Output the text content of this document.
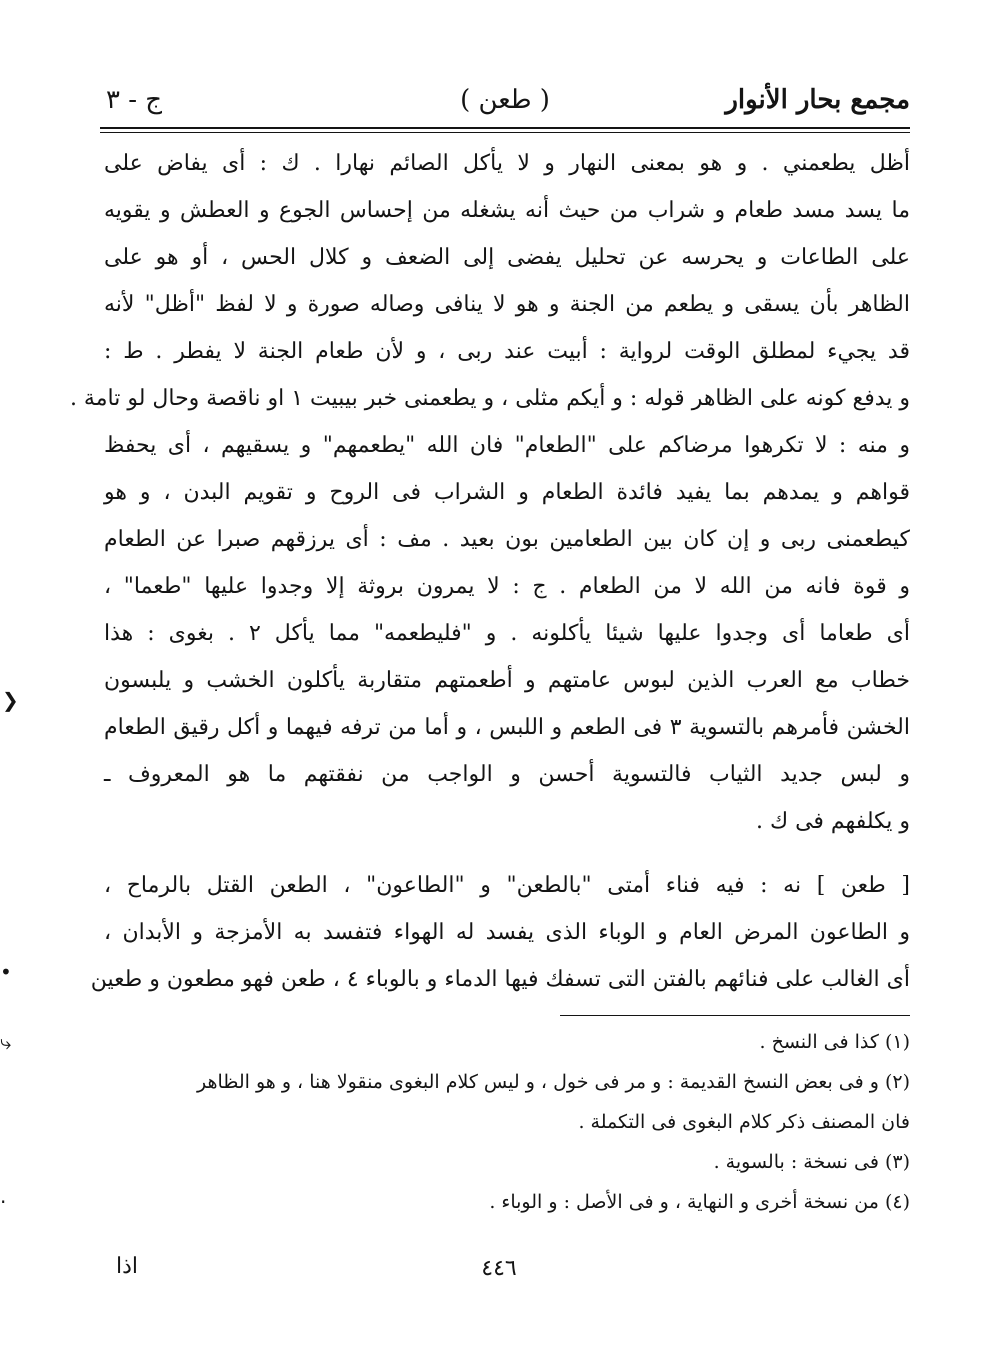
مجمع بحار الأنوار
( طعن )
ج - ٣
أظل يطعمني . و هو بمعنى النهار و لا يأكل الصائم نهارا . ك : أى يفاض على
ما يسد مسد طعام و شراب من حيث أنه يشغله من إحساس الجوع و العطش و يقويه
على الطاعات و يحرسه عن تحليل يفضى إلى الضعف و كلال الحس ، أو هو على
الظاهر بأن يسقى و يطعم من الجنة و هو لا ينافى وصاله صورة و لا لفظ "أظل" لأنه
قد يجيء لمطلق الوقت لرواية : أبيت عند ربى ، و لأن طعام الجنة لا يفطر . ط :
و يدفع كونه على الظاهر قوله : و أيكم مثلى ، و يطعمنى خبر بيبيت ١ او ناقصة وحال لو تامة .
و منه : لا تكرهوا مرضاكم على "الطعام" فان الله "يطعمهم" و يسقيهم ، أى يحفظ
قواهم و يمدهم بما يفيد فائدة الطعام و الشراب فى الروح و تقويم البدن ، و هو
كيطعمنى ربى و إن كان بين الطعامين بون بعيد . مف : أى يرزقهم صبرا عن الطعام
و قوة فانه من الله لا من الطعام . ج : لا يمرون بروثة إلا وجدوا عليها "طعما" ،
أى طعاما أى وجدوا عليها شيئا يأكلونه . و "فليطعمه" مما يأكل ٢ . بغوى : هذا
خطاب مع العرب الذين لبوس عامتهم و أطعمتهم متقاربة يأكلون الخشب و يلبسون
الخشن فأمرهم بالتسوية ٣ فى الطعم و اللبس ، و أما من ترفه فيهما و أكل رقيق الطعام
و لبس جديد الثياب فالتسوية أحسن و الواجب من نفقتهم ما هو المعروف ـ
و يكلفهم فى ك .
[ طعن ] نه : فيه فناء أمتى "بالطعن" و "الطاعون" ، الطعن القتل بالرماح ،
و الطاعون المرض العام و الوباء الذى يفسد له الهواء فتفسد به الأمزجة و الأبدان ،
أى الغالب على فنائهم بالفتن التى تسفك فيها الدماء و بالوباء ٤ ، طعن فهو مطعون و طعين
(١) كذا فى النسخ .
(٢) و فى بعض النسخ القديمة : و مر فى خول ، و ليس كلام البغوى منقولا هنا ، و هو الظاهر
فان المصنف ذكر كلام البغوى فى التكملة .
(٣) فى نسخة : بالسوية .
(٤) من نسخة أخرى و النهاية ، و فى الأصل : و الوباء .
اذا	٤٤٦
❯
•
⤷
·
